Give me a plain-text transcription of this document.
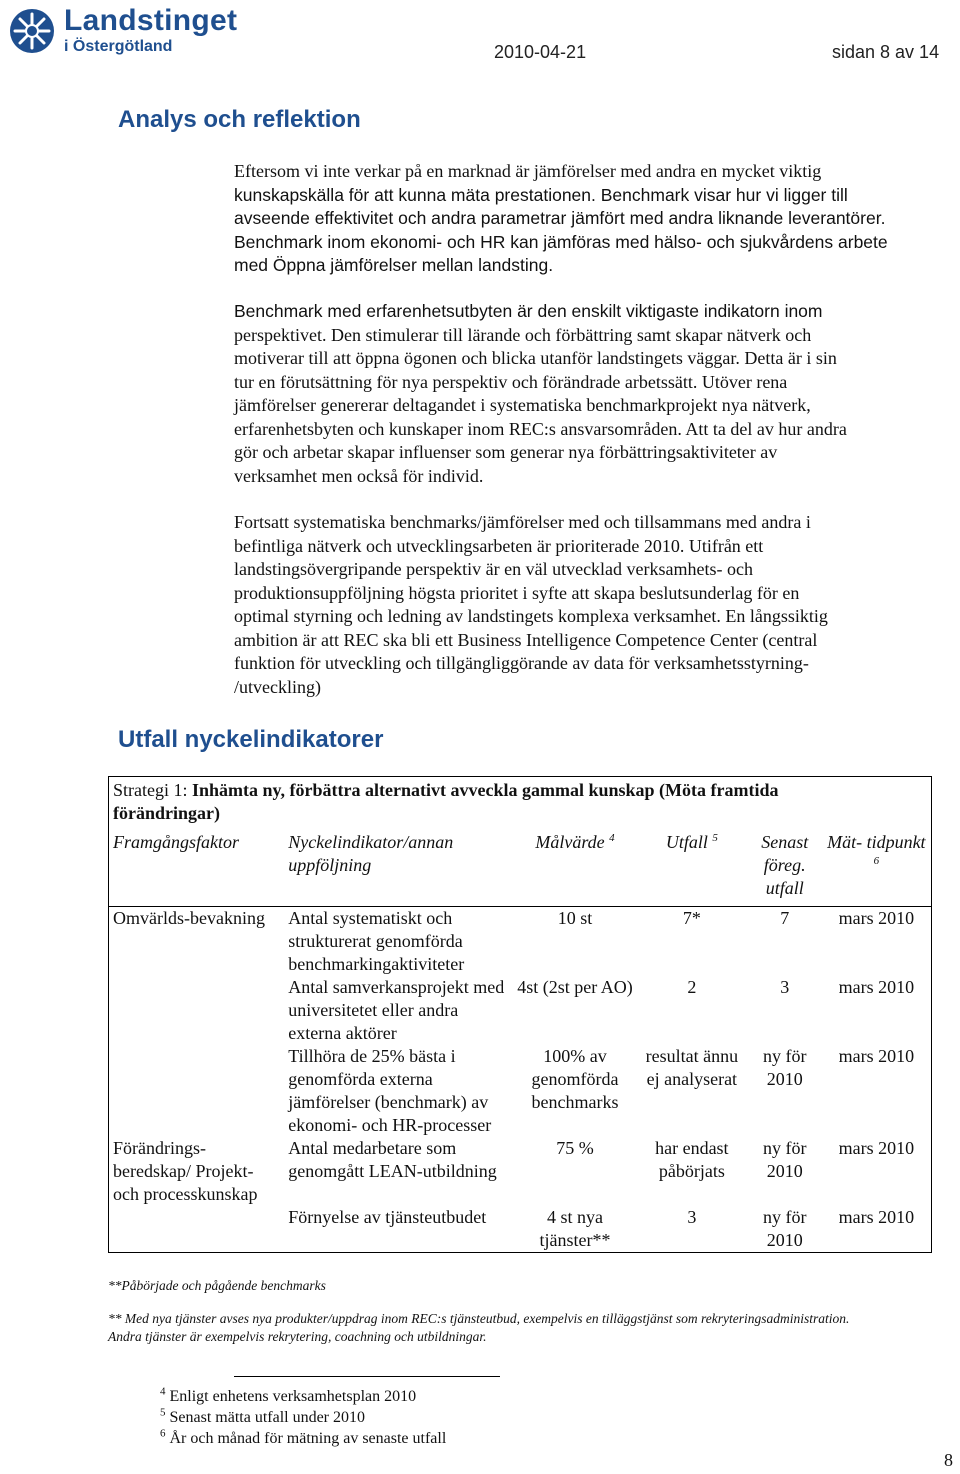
Landstinget
i Östergötland	2010-04-21	sidan 8 av 14
Analys och reflektion
Eftersom vi inte verkar på en marknad är jämförelser med andra en mycket viktig
kunskapskälla för att kunna mäta prestationen. Benchmark visar hur vi ligger till
avseende effektivitet och andra parametrar jämfört med andra liknande leverantörer.
Benchmark inom ekonomi- och HR kan jämföras med hälso- och sjukvårdens arbete
med Öppna jämförelser mellan landsting.
Benchmark med erfarenhetsutbyten är den enskilt viktigaste indikatorn inom
perspektivet. Den stimulerar till lärande och förbättring samt skapar nätverk och
motiverar till att öppna ögonen och blicka utanför landstingets väggar. Detta är i sin
tur en förutsättning för nya perspektiv och förändrade arbetssätt. Utöver rena
jämförelser genererar deltagandet i systematiska benchmarkprojekt nya nätverk,
erfarenhetsbyten och kunskaper inom REC:s ansvarsområden. Att ta del av hur andra
gör och arbetar skapar influenser som generar nya förbättringsaktiviteter av
verksamhet men också för individ.
Fortsatt systematiska benchmarks/jämförelser med och tillsammans med andra i
befintliga nätverk och utvecklingsarbeten är prioriterade 2010. Utifrån ett
landstingsövergripande perspektiv är en väl utvecklad verksamhets- och
produktionsuppföljning högsta prioritet i syfte att skapa beslutsunderlag för en
optimal styrning och ledning av landstingets komplexa verksamhet. En långssiktig
ambition är att REC ska bli ett Business Intelligence Competence Center (central
funktion för utveckling och tillgängliggörande av data för verksamhetsstyrning-
/utveckling)
Utfall nyckelindikatorer
Strategi 1: Inhämta ny, förbättra alternativt avveckla gammal kunskap (Möta framtida
förändringar)					
Framgångsfaktor	Nyckelindikator/annan uppföljning	Målvärde $^4$	Utfall $^5$	Senast föreg. utfall	Mät- tidpunkt $^6$
Omvärlds-bevakning	Antal systematiskt och strukturerat genomförda benchmarkingaktiviteter	10 st	7*	7	mars 2010
	Antal samverkansprojekt med universitetet eller andra externa aktörer	4st (2st per AO)	2	3	mars 2010
	Tillhöra de 25% bästa i genomförda externa jämförelser (benchmark) av ekonomi- och HR-processer	100% av genomförda benchmarks	resultat ännu ej analyserat	ny för 2010	mars 2010
Förändrings-beredskap/ Projekt- och processkunskap	Antal medarbetare som genomgått LEAN-utbildning	75 %	har endast påbörjats	ny för 2010	mars 2010
	Förnyelse av tjänsteutbudet	4 st nya tjänster**	3	ny för 2010	mars 2010
**Påbörjade och pågående benchmarks
** Med nya tjänster avses nya produkter/uppdrag inom REC:s tjänsteutbud, exempelvis en tilläggstjänst som rekryteringsadministration.
Andra tjänster är exempelvis rekrytering, coachning och utbildningar.
$^4$ Enligt enhetens verksamhetsplan 2010
$^5$ Senast mätta utfall under 2010
$^6$ År och månad för mätning av senaste utfall
8
